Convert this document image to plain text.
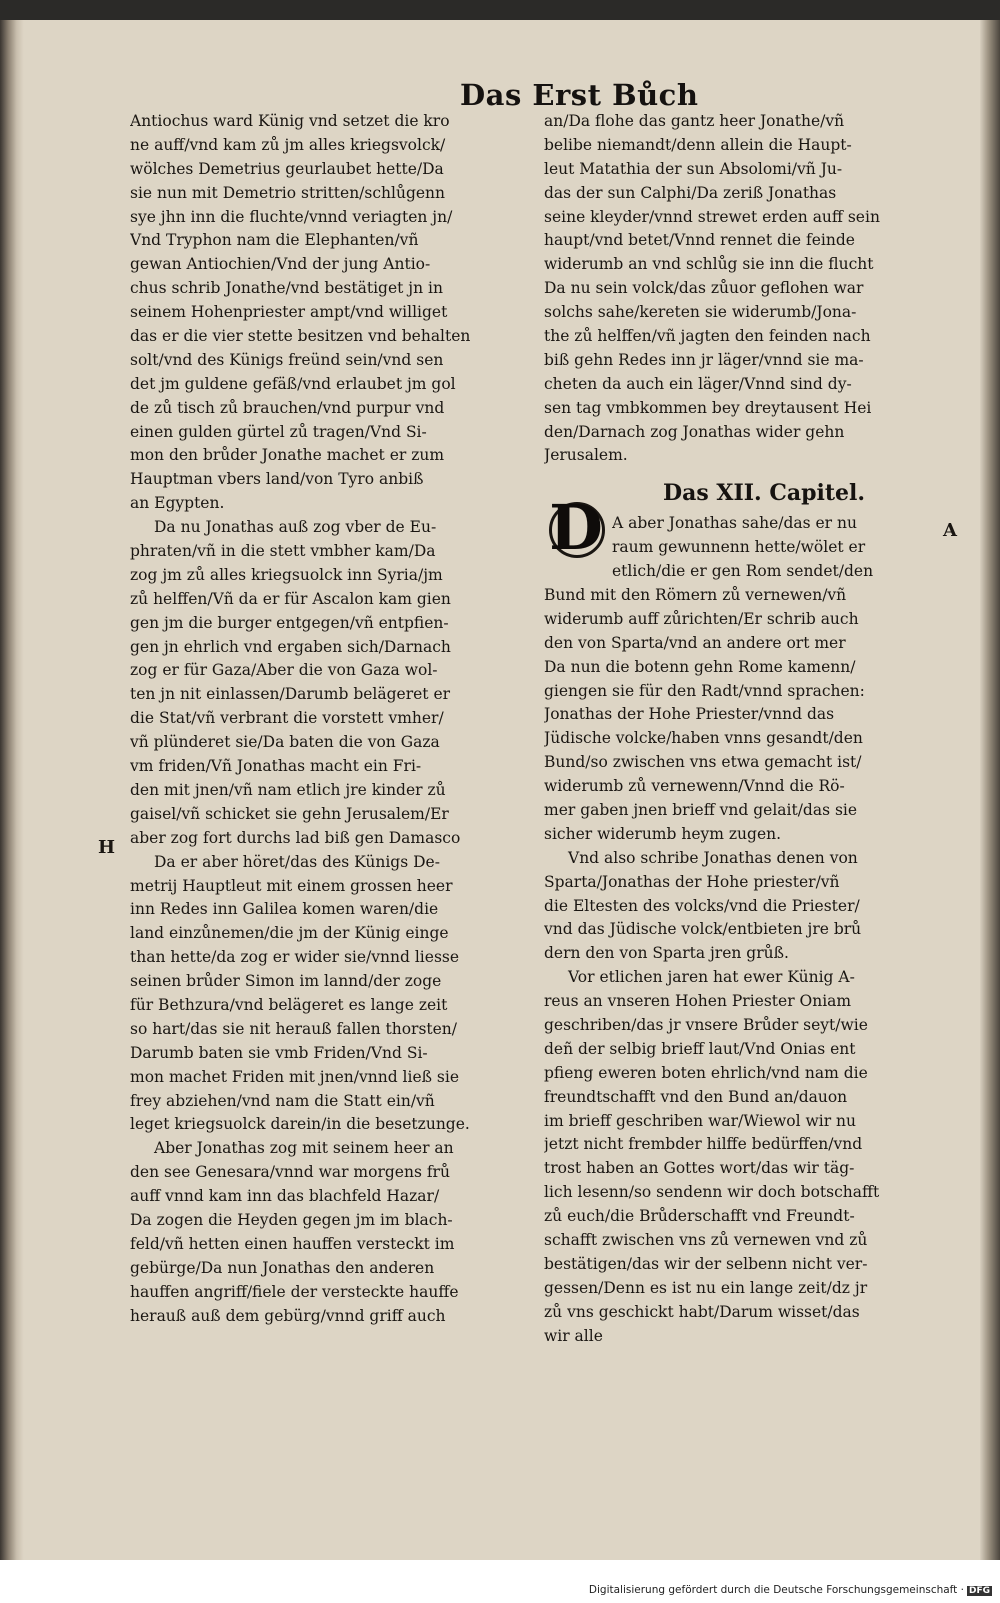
Digitalisierung gefördert durch die Deutsche Forschungsgemeinschaft · DFG
Das Erst Bůch
Antiochus ward Künig vnd setzet die kro
ne auff/vnd kam zů jm alles kriegsvolck/
wölches Demetrius geurlaubet hette/Da
sie nun mit Demetrio stritten/schlůgenn
sye jhn inn die fluchte/vnnd veriagten jn/
Vnd Tryphon nam die Elephanten/vñ
gewan Antiochien/Vnd der jung Antio-
chus schrib Jonathe/vnd bestätiget jn in
seinem Hohenpriester ampt/vnd williget
das er die vier stette besitzen vnd behalten
solt/vnd des Künigs freünd sein/vnd sen
det jm guldene gefäß/vnd erlaubet jm gol
de zů tisch zů brauchen/vnd purpur vnd
einen gulden gürtel zů tragen/Vnd Si-
mon den brůder Jonathe machet er zum
Hauptman vbers land/von Tyro anbiß
an Egypten.
Da nu Jonathas auß zog vber de Eu-
phraten/vñ in die stett vmbher kam/Da
zog jm zů alles kriegsuolck inn Syria/jm
zů helffen/Vñ da er für Ascalon kam gien
gen jm die burger entgegen/vñ entpfien-
gen jn ehrlich vnd ergaben sich/Darnach
zog er für Gaza/Aber die von Gaza wol-
ten jn nit einlassen/Darumb belägeret er
die Stat/vñ verbrant die vorstett vmher/
vñ plünderet sie/Da baten die von Gaza
vm friden/Vñ Jonathas macht ein Fri-
den mit jnen/vñ nam etlich jre kinder zů
gaisel/vñ schicket sie gehn Jerusalem/Er
aber zog fort durchs lad biß gen Damasco
Da er aber höret/das des Künigs De-
metrij Hauptleut mit einem grossen heer
inn Redes inn Galilea komen waren/die
land einzůnemen/die jm der Künig einge
than hette/da zog er wider sie/vnnd liesse
seinen brůder Simon im lannd/der zoge
für Bethzura/vnd belägeret es lange zeit
so hart/das sie nit herauß fallen thorsten/
Darumb baten sie vmb Friden/Vnd Si-
mon machet Friden mit jnen/vnnd ließ sie
frey abziehen/vnd nam die Statt ein/vñ
leget kriegsuolck darein/in die besetzunge.
Aber Jonathas zog mit seinem heer an
den see Genesara/vnnd war morgens frů
auff vnnd kam inn das blachfeld Hazar/
Da zogen die Heyden gegen jm im blach-
feld/vñ hetten einen hauffen versteckt im
gebürge/Da nun Jonathas den anderen
hauffen angriff/fiele der versteckte hauffe
herauß auß dem gebürg/vnnd griff auch
an/Da flohe das gantz heer Jonathe/vñ
belibe niemandt/denn allein die Haupt-
leut Matathia der sun Absolomi/vñ Ju-
das der sun Calphi/Da zeriß Jonathas
seine kleyder/vnnd strewet erden auff sein
haupt/vnd betet/Vnnd rennet die feinde
widerumb an vnd schlůg sie inn die flucht
Da nu sein volck/das zůuor geflohen war
solchs sahe/kereten sie widerumb/Jona-
the zů helffen/vñ jagten den feinden nach
biß gehn Redes inn jr läger/vnnd sie ma-
cheten da auch ein läger/Vnnd sind dy-
sen tag vmbkommen bey dreytausent Hei
den/Darnach zog Jonathas wider gehn
Jerusalem.
Das XII. Capitel.
D A aber Jonathas sahe/das er nu
raum gewunnenn hette/wölet er
etlich/die er gen Rom sendet/den
Bund mit den Römern zů vernewen/vñ
widerumb auff zůrichten/Er schrib auch
den von Sparta/vnd an andere ort mer
Da nun die botenn gehn Rome kamenn/
giengen sie für den Radt/vnnd sprachen:
Jonathas der Hohe Priester/vnnd das
Jüdische volcke/haben vnns gesandt/den
Bund/so zwischen vns etwa gemacht ist/
widerumb zů vernewenn/Vnnd die Rö-
mer gaben jnen brieff vnd gelait/das sie
sicher widerumb heym zugen.
Vnd also schribe Jonathas denen von
Sparta/Jonathas der Hohe priester/vñ
die Eltesten des volcks/vnd die Priester/
vnd das Jüdische volck/entbieten jre brů
dern den von Sparta jren grůß.
Vor etlichen jaren hat ewer Künig A-
reus an vnseren Hohen Priester Oniam
geschriben/das jr vnsere Brůder seyt/wie
deñ der selbig brieff laut/Vnd Onias ent
pfieng eweren boten ehrlich/vnd nam die
freundtschafft vnd den Bund an/dauon
im brieff geschriben war/Wiewol wir nu
jetzt nicht frembder hilffe bedürffen/vnd
trost haben an Gottes wort/das wir täg-
lich lesenn/so sendenn wir doch botschafft
zů euch/die Brůderschafft vnd Freundt-
schafft zwischen vns zů vernewen vnd zů
bestätigen/das wir der selbenn nicht ver-
gessen/Denn es ist nu ein lange zeit/dz jr
zů vns geschickt habt/Darum wisset/das
wir alle
H
A
